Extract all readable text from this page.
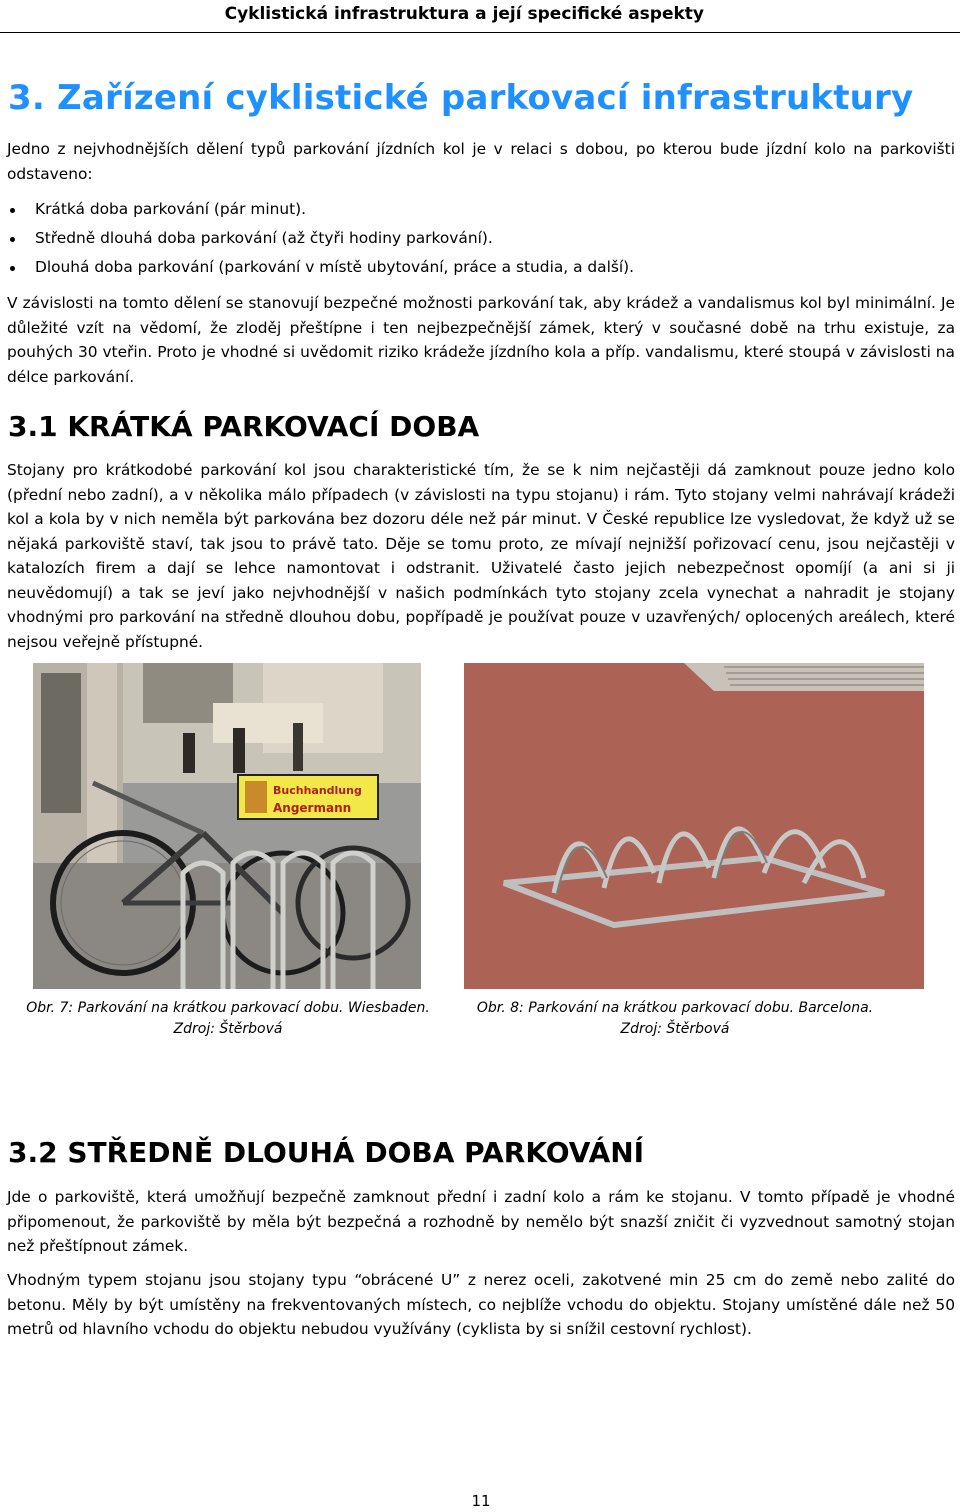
Cyklistická infrastruktura a její specifické aspekty
3. Zařízení cyklistické parkovací infrastruktury

Jedno z nejvhodnějších dělení typů parkování jízdních kol je v relaci s dobou, po kterou bude jízdní kolo na parkovišti odstaveno:

Krátká doba parkování (pár minut).
Středně dlouhá doba parkování (až čtyři hodiny parkování).
Dlouhá doba parkování (parkování v místě ubytování, práce a studia, a další).

V závislosti na tomto dělení se stanovují bezpečné možnosti parkování tak, aby krádež a vandalismus kol byl minimální. Je důležité vzít na vědomí, že zloděj přeštípne i ten nejbezpečnější zámek, který v současné době na trhu existuje, za pouhých 30 vteřin. Proto je vhodné si uvědomit riziko krádeže jízdního kola a příp. vandalismu, které stoupá v závislosti na délce parkování.

3.1 KRÁTKÁ PARKOVACÍ DOBA

Stojany pro krátkodobé parkování kol jsou charakteristické tím, že se k nim nejčastěji dá zamknout pouze jedno kolo (přední nebo zadní), a v několika málo případech (v závislosti na typu stojanu) i rám. Tyto stojany velmi nahrávají krádeži kol a kola by v nich neměla být parkována bez dozoru déle než pár minut. V České republice lze vysledovat, že když už se nějaká parkoviště staví, tak jsou to právě tato. Děje se tomu proto, ze mívají nejnižší pořizovací cenu, jsou nejčastěji v katalozích firem a dají se lehce namontovat i odstranit. Uživatelé často jejich nebezpečnost opomíjí (a ani si ji neuvědomují) a tak se jeví jako nejvhodnější v našich podmínkách tyto stojany zcela vynechat a nahradit je stojany vhodnými pro parkování na středně dlouhou dobu, popřípadě je používat pouze v uzavřených/ oplocených areálech, které nejsou veřejně přístupné.

Buchhandlung
Angermann
Obr. 7: Parkování na krátkou parkovací dobu. Wiesbaden.
Zdroj: Štěrbová
Obr. 8: Parkování na krátkou parkovací dobu. Barcelona.
Zdroj: Štěrbová
3.2 STŘEDNĚ DLOUHÁ DOBA PARKOVÁNÍ

Jde o parkoviště, která umožňují bezpečně zamknout přední i zadní kolo a rám ke stojanu. V tomto případě je vhodné připomenout, že parkoviště by měla být bezpečná a rozhodně by nemělo být snazší zničit či vyzvednout samotný stojan než přeštípnout zámek.

Vhodným typem stojanu jsou stojany typu “obrácené U” z nerez oceli, zakotvené min 25 cm do země nebo zalité do betonu. Měly by být umístěny na frekventovaných místech, co nejblíže vchodu do objektu. Stojany umístěné dále než 50 metrů od hlavního vchodu do objektu nebudou využívány (cyklista by si snížil cestovní rychlost).

11
